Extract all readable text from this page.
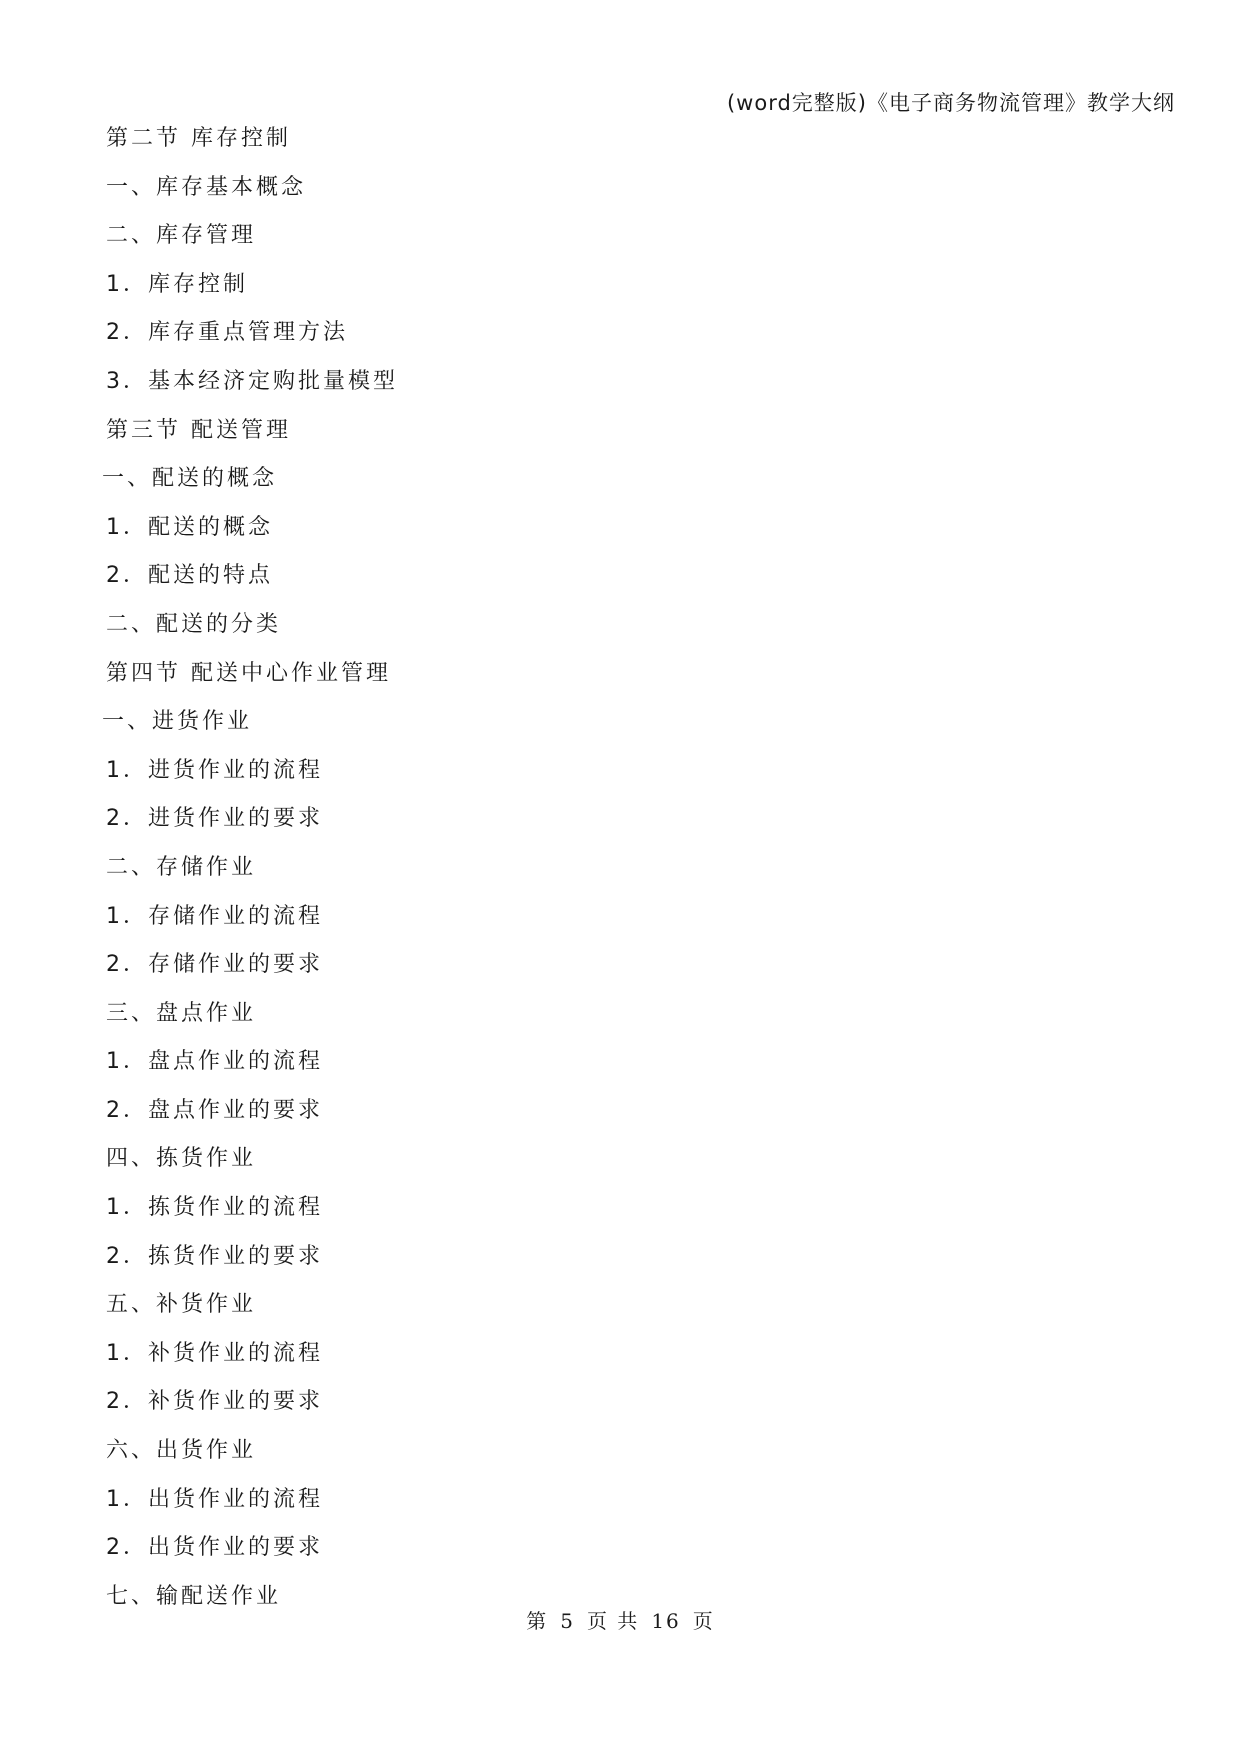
(word完整版)《电子商务物流管理》教学大纲
第二节 库存控制
一、库存基本概念
二、库存管理
1．库存控制
2．库存重点管理方法
3．基本经济定购批量模型
第三节 配送管理
一、配送的概念
1．配送的概念
2．配送的特点
二、配送的分类
第四节 配送中心作业管理
一、进货作业
1．进货作业的流程
2．进货作业的要求
二、存储作业
1．存储作业的流程
2．存储作业的要求
三、盘点作业
1．盘点作业的流程
2．盘点作业的要求
四、拣货作业
1．拣货作业的流程
2．拣货作业的要求
五、补货作业
1．补货作业的流程
2．补货作业的要求
六、出货作业
1．出货作业的流程
2．出货作业的要求
七、输配送作业
第 5 页 共 16 页
